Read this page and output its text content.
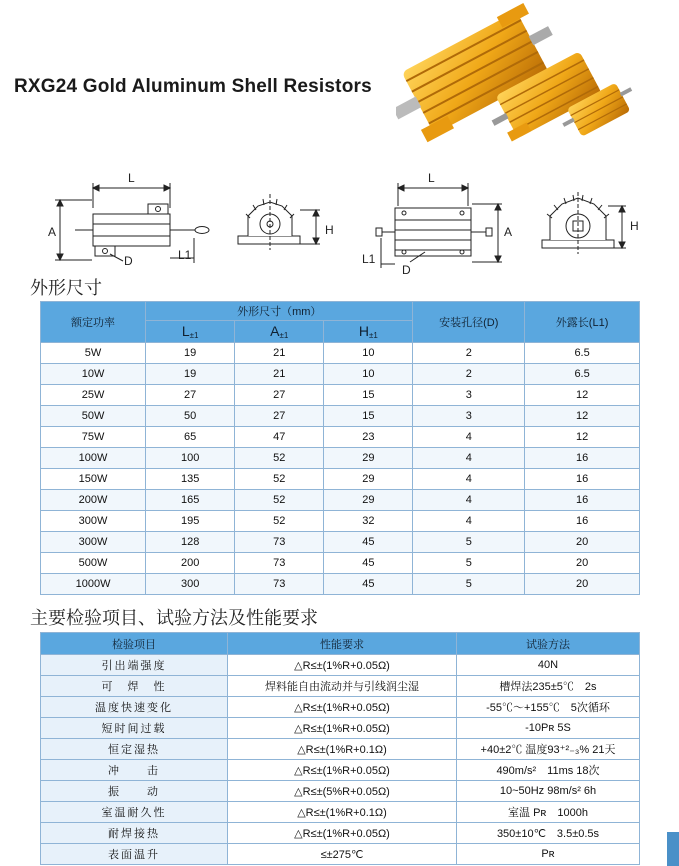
RXG24 Gold Aluminum Shell Resistors
L
A
D	L1
H
L
A
D
L1
H
外形尺寸
额定功率	外形尺寸（mm）			安装孔径(D)	外露长(L1)
	$L_{\pm 1}$	$A_{\pm 1}$	$H_{\pm 1}$
5W	19	21	10	2	6.5
10W	19	21	10	2	6.5
25W	27	27	15	3	12
50W	50	27	15	3	12
75W	65	47	23	4	12
100W	100	52	29	4	16
150W	135	52	29	4	16
200W	165	52	29	4	16
300W	195	52	32	4	16
300W	128	73	45	5	20
500W	200	73	45	5	20
1000W	300	73	45	5	20
主要检验项目、试验方法及性能要求
检验项目	性能要求	试验方法
引出端强度	△R≤±(1%R+0.05Ω)	40N
可　焊　性	焊料能自由流动并与引线润尘湿	槽焊法235±5℃　2s
温度快速变化	△R≤±(1%R+0.05Ω)	-55℃～+155℃　5次循环
短时间过载	△R≤±(1%R+0.05Ω)	-10Pʀ 5S
恒定湿热	△R≤±(1%R+0.1Ω)	+40±2℃ 温度93⁺²₋₃% 21天
冲　　击	△R≤±(1%R+0.05Ω)	490m/s²　11ms 18次
振　　动	△R≤±(5%R+0.05Ω)	10~50Hz 98m/s² 6h
室温耐久性	△R≤±(1%R+0.1Ω)	室温 Pʀ　1000h
耐焊接热	△R≤±(1%R+0.05Ω)	350±10℃　3.5±0.5s
表面温升	≤±275℃	Pʀ
